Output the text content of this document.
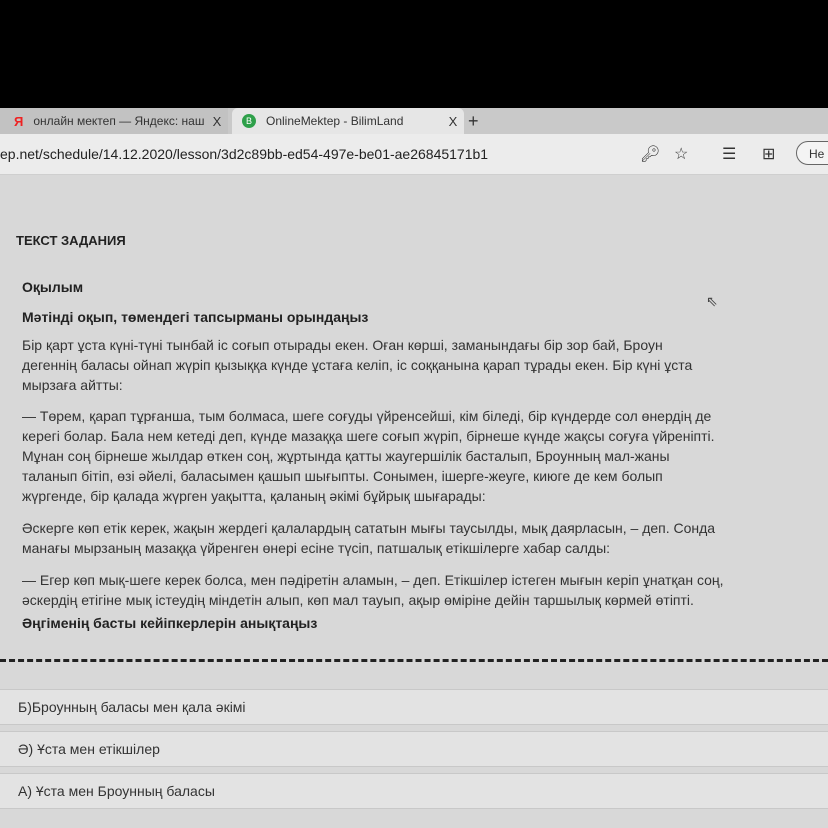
Я онлайн мектеп — Яндекс: наш X	B	OnlineMektep - BilimLand	X +
ep.net/schedule/14.12.2020/lesson/3d2c89bb-ed54-497e-be01-ae26845171b1	🔑︎ ☆ ☰ ⊞	Не
ТЕКСТ ЗАДАНИЯ
⇖
Оқылым
Мәтінді оқып, төмендегі тапсырманы орындаңыз
Бір қарт ұста күні-түні тынбай іс соғып отырады екен. Оған көрші, заманындағы бір зор бай, Броун
дегеннің баласы ойнап жүріп қызыққа күнде ұстаға келіп, іс соққанына қарап тұрады екен. Бір күні ұста
мырзаға айтты:
— Төрем, қарап тұрғанша, тым болмаса, шеге соғуды үйренсейші, кім біледі, бір күндерде сол өнердің де
керегі болар. Бала нем кетеді деп, күнде мазаққа шеге соғып жүріп, бірнеше күнде жақсы соғуға үйреніпті.
Мұнан соң бірнеше жылдар өткен соң, жұртында қатты жаугершілік басталып, Броунның мал-жаны
таланып бітіп, өзі әйелі, баласымен қашып шығыпты. Сонымен, ішерге-жеуге, киюге де кем болып
жүргенде, бір қалада жүрген уақытта, қаланың әкімі бұйрық шығарады:
Әскерге көп етік керек, жақын жердегі қалалардың сататын мығы таусылды, мық даярласын, – деп. Сонда
манағы мырзаның мазаққа үйренген өнері есіне түсіп, патшалық етікшілерге хабар салды:
— Егер көп мық-шеге керек болса, мен пәдіретін аламын, – деп. Етікшілер істеген мығын керіп ұнатқан соң,
әскердің етігіне мық істеудің міндетін алып, көп мал тауып, ақыр өміріне дейін таршылық көрмей өтіпті.
Әңгіменің басты кейіпкерлерін анықтаңыз
Б)Броунның баласы мен қала әкімі
Ә) Ұста мен етікшілер
А) Ұста мен Броунның баласы
